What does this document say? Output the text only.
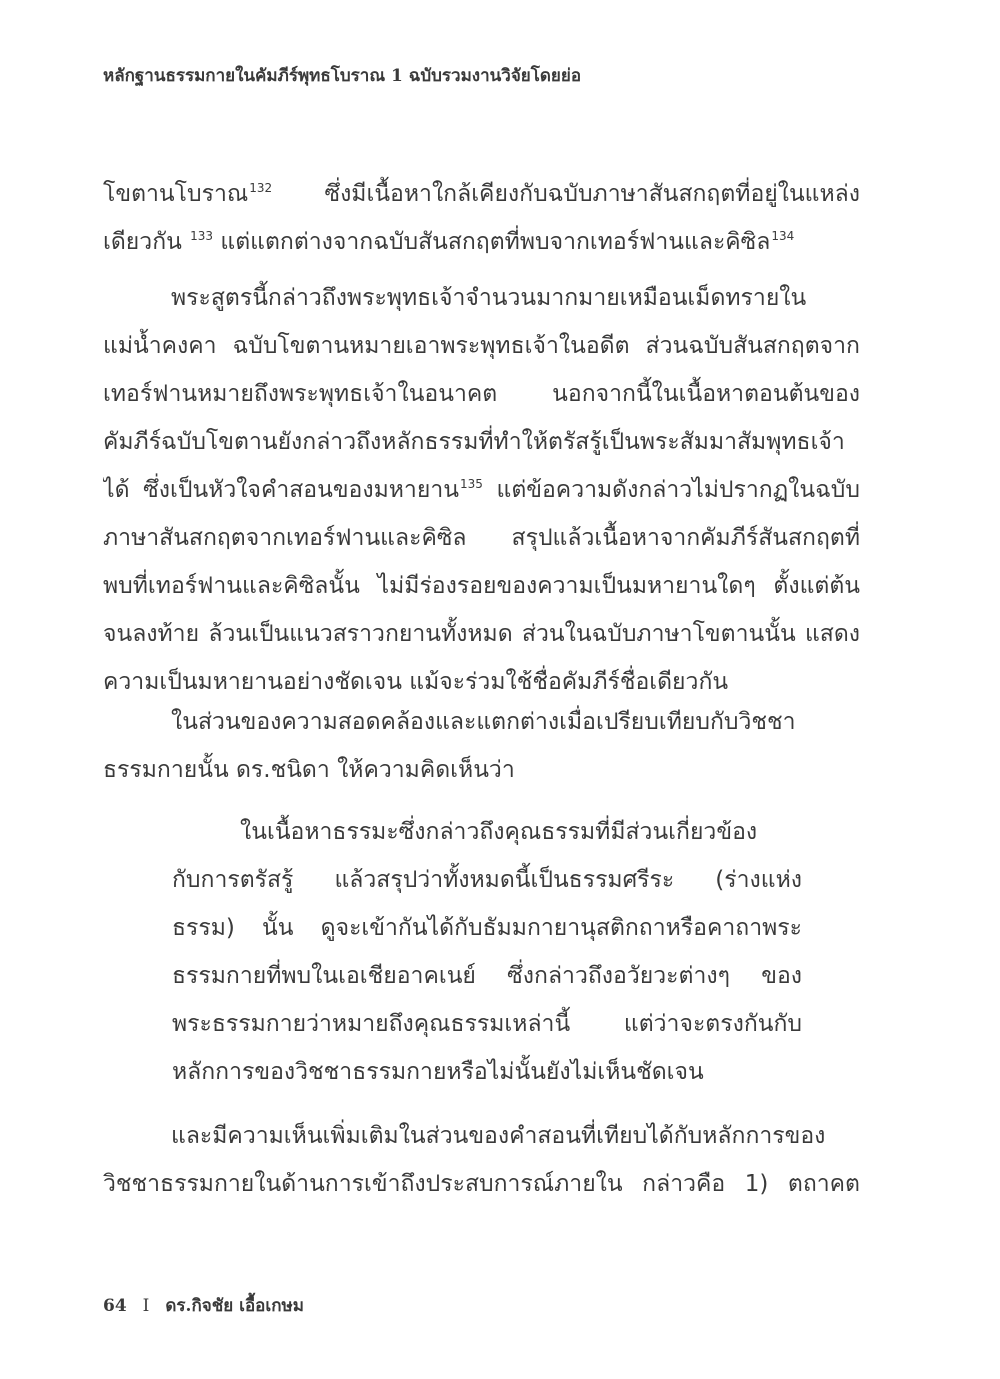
หลักฐานธรรมกายในคัมภีร์พุทธโบราณ 1 ฉบับรวมงานวิจัยโดยย่อ
โขตานโบราณ$^{132}$ ซึ่งมีเนื้อหาใกล้เคียงกับฉบับภาษาสันสกฤตที่อยู่ในแหล่ง
เดียวกัน $^{133}$ แต่แตกต่างจากฉบับสันสกฤตที่พบจากเทอร์ฟานและคิซิล$^{134}$
พระสูตรนี้กล่าวถึงพระพุทธเจ้าจำนวนมากมายเหมือนเม็ดทรายใน
แม่น้ำคงคา ฉบับโขตานหมายเอาพระพุทธเจ้าในอดีต ส่วนฉบับสันสกฤตจาก
เทอร์ฟานหมายถึงพระพุทธเจ้าในอนาคต นอกจากนี้ในเนื้อหาตอนต้นของ
คัมภีร์ฉบับโขตานยังกล่าวถึงหลักธรรมที่ทำให้ตรัสรู้เป็นพระสัมมาสัมพุทธเจ้า
ได้ ซึ่งเป็นหัวใจคำสอนของมหายาน$^{135}$ แต่ข้อความดังกล่าวไม่ปรากฏในฉบับ
ภาษาสันสกฤตจากเทอร์ฟานและคิซิล สรุปแล้วเนื้อหาจากคัมภีร์สันสกฤตที่
พบที่เทอร์ฟานและคิซิลนั้น ไม่มีร่องรอยของความเป็นมหายานใดๆ ตั้งแต่ต้น
จนลงท้าย ล้วนเป็นแนวสราวกยานทั้งหมด ส่วนในฉบับภาษาโขตานนั้น แสดง
ความเป็นมหายานอย่างชัดเจน แม้จะร่วมใช้ชื่อคัมภีร์ชื่อเดียวกัน
ในส่วนของความสอดคล้องและแตกต่างเมื่อเปรียบเทียบกับวิชชา
ธรรมกายนั้น ดร.ชนิดา ให้ความคิดเห็นว่า
ในเนื้อหาธรรมะซึ่งกล่าวถึงคุณธรรมที่มีส่วนเกี่ยวข้อง
กับการตรัสรู้ แล้วสรุปว่าทั้งหมดนี้เป็นธรรมศรีระ (ร่างแห่ง
ธรรม) นั้น ดูจะเข้ากันได้กับธัมมกายานุสติกถาหรือคาถาพระ
ธรรมกายที่พบในเอเชียอาคเนย์ ซึ่งกล่าวถึงอวัยวะต่างๆ ของ
พระธรรมกายว่าหมายถึงคุณธรรมเหล่านี้ แต่ว่าจะตรงกันกับ
หลักการของวิชชาธรรมกายหรือไม่นั้นยังไม่เห็นชัดเจน
และมีความเห็นเพิ่มเติมในส่วนของคำสอนที่เทียบได้กับหลักการของ
วิชชาธรรมกายในด้านการเข้าถึงประสบการณ์ภายใน กล่าวคือ 1) ตถาคต
64 I ดร.กิจชัย เอื้อเกษม
